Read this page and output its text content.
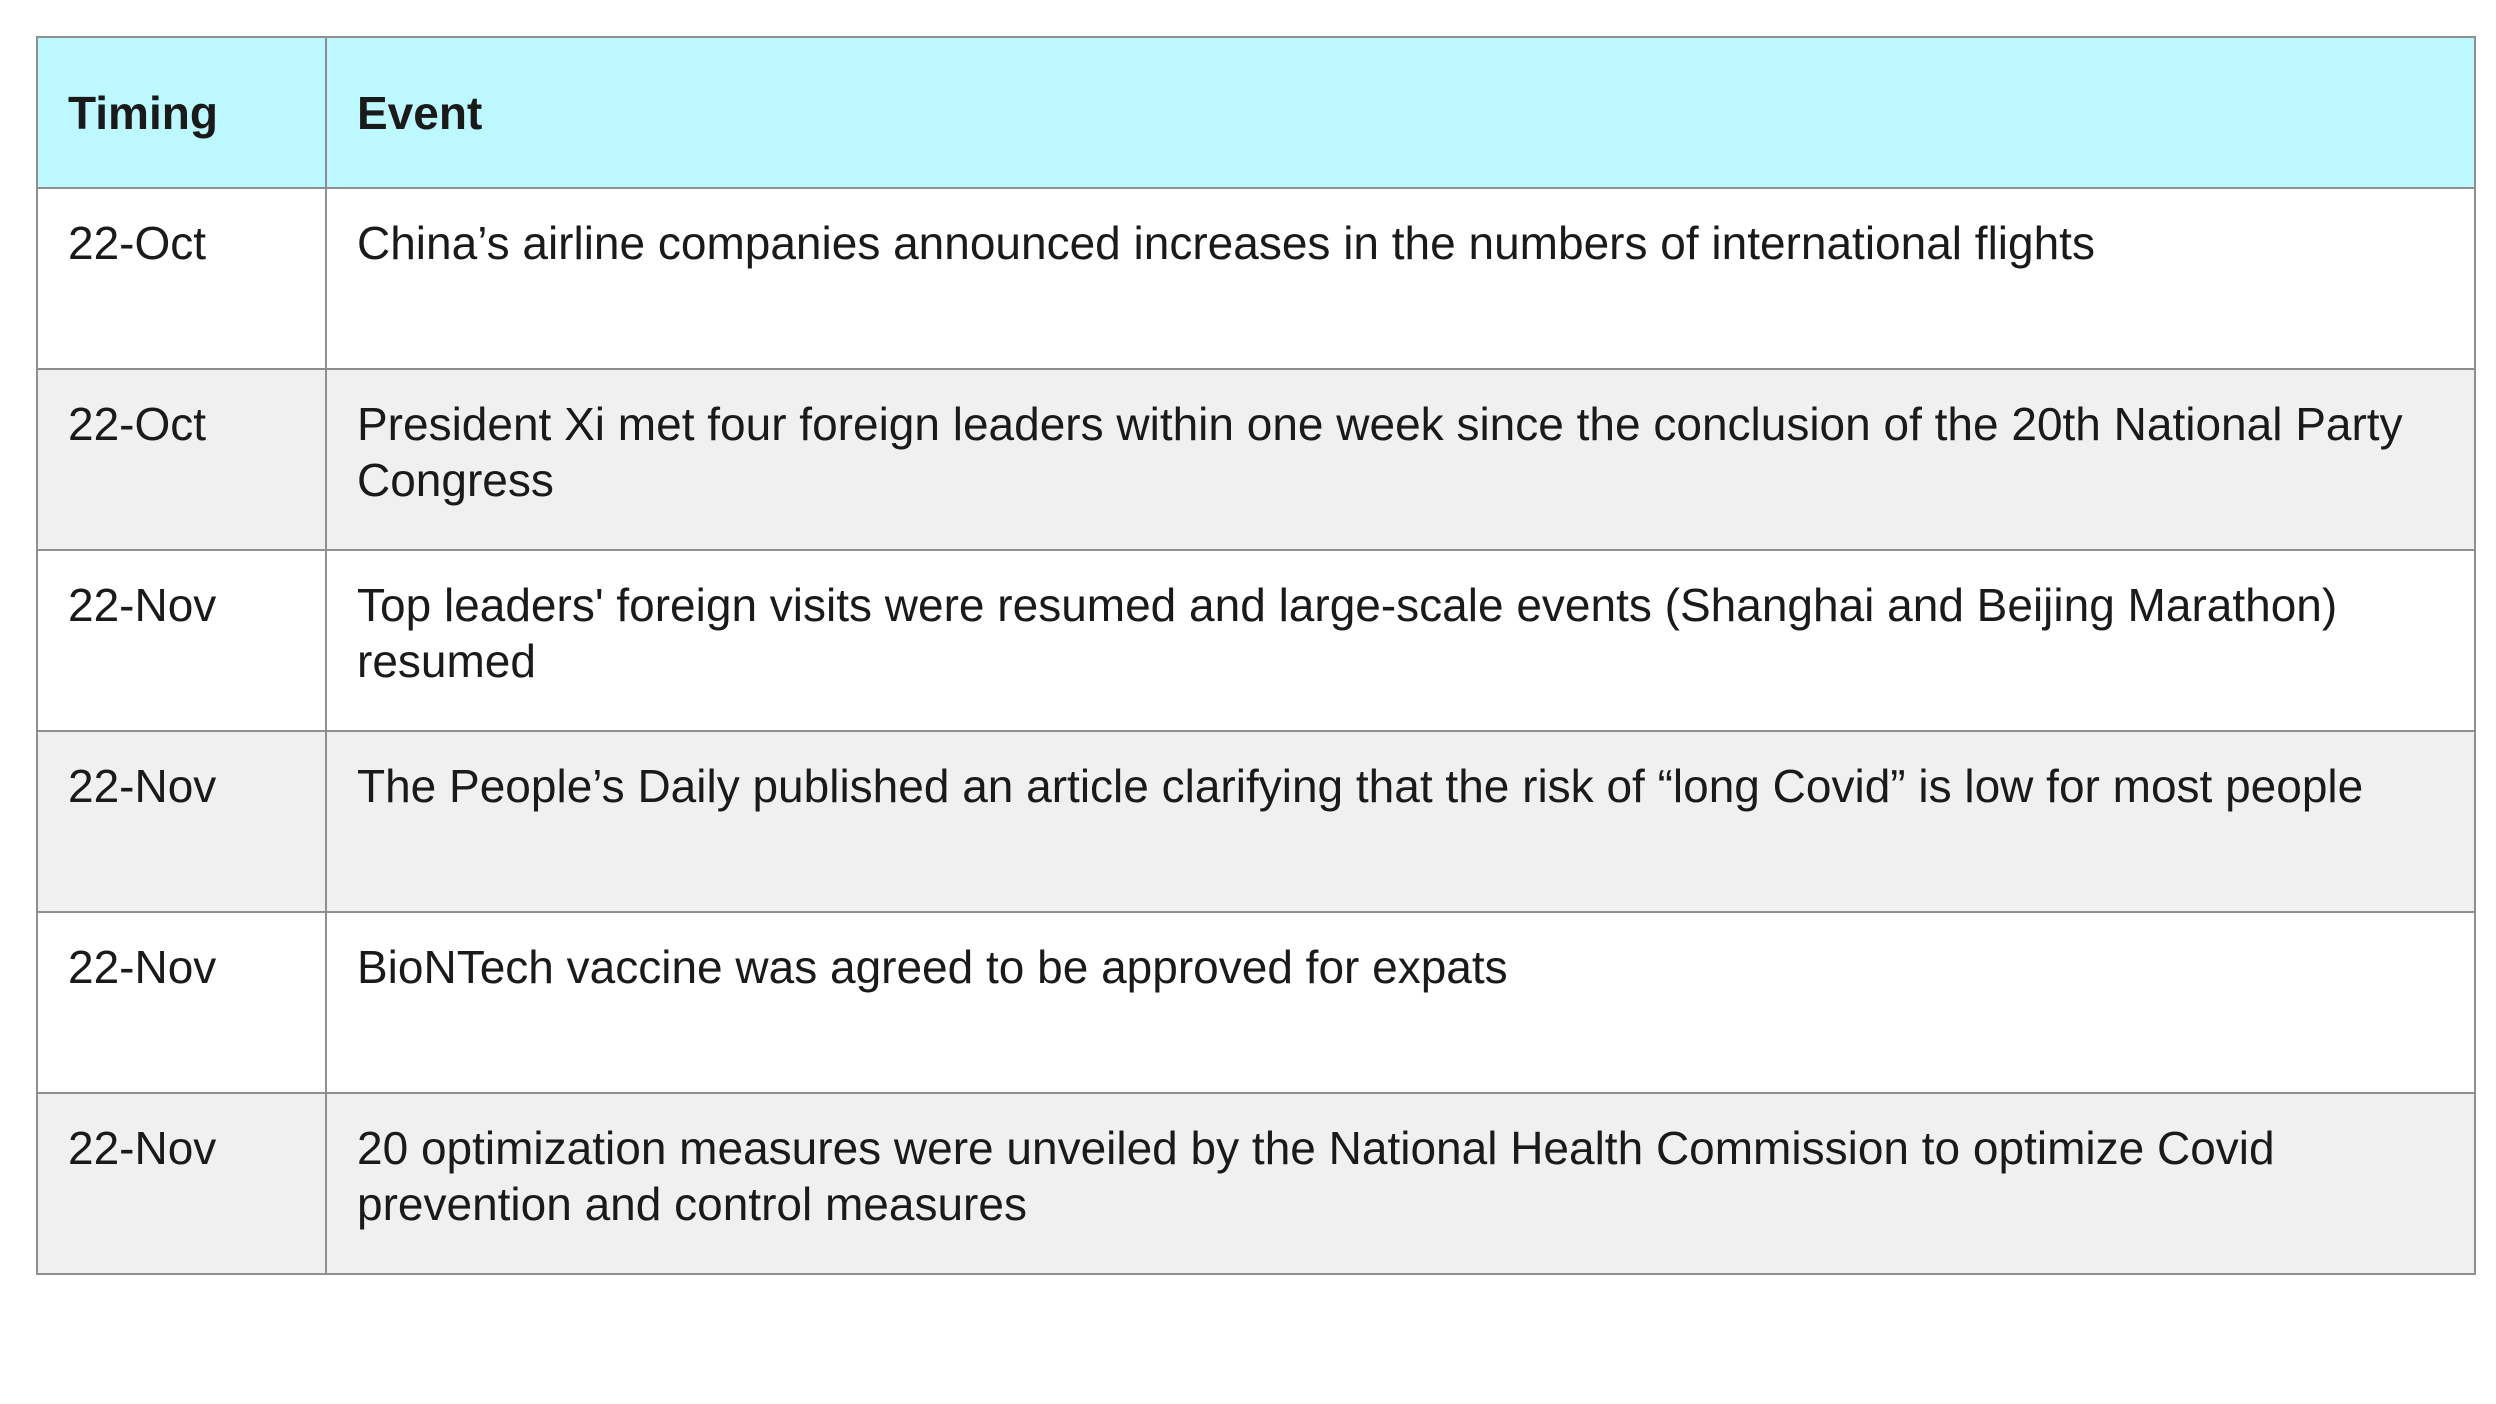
Timing	Event
22-Oct	China’s airline companies announced increases in the numbers of international flights
22-Oct	President Xi met four foreign leaders within one week since the conclusion of the 20th National Party Congress
22-Nov	Top leaders' foreign visits were resumed and large-scale events (Shanghai and Beijing Marathon) resumed
22-Nov	The People’s Daily published an article clarifying that the risk of “long Covid” is low for most people
22-Nov	BioNTech vaccine was agreed to be approved for expats
22-Nov	20 optimization measures were unveiled by the National Health Commission to optimize Covid prevention and control measures
